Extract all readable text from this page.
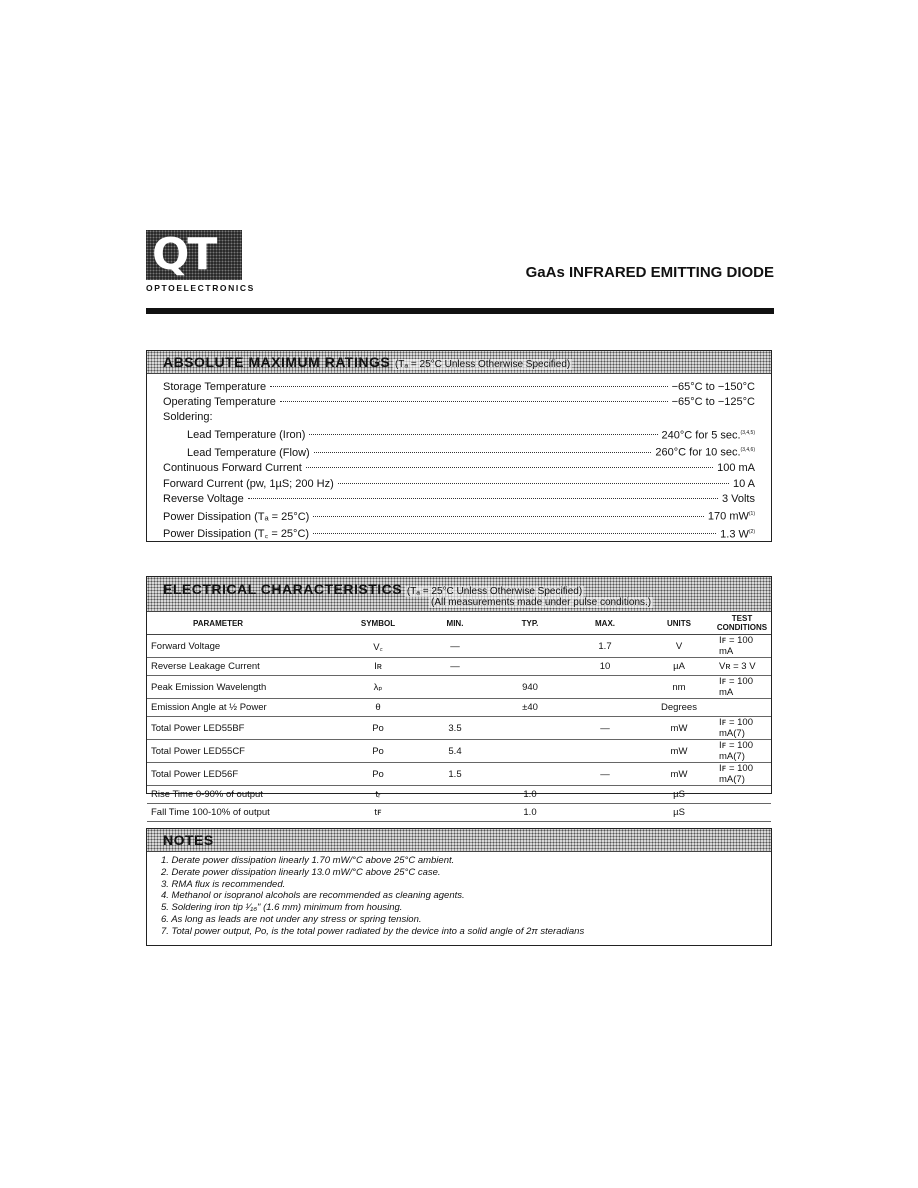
QT
OPTOELECTRONICS
GaAs INFRARED EMITTING DIODE
ABSOLUTE MAXIMUM RATINGS (Tₐ = 25°C Unless Otherwise Specified)
Storage Temperature	−65°C to −150°C
Operating Temperature	−65°C to −125°C
Soldering:
Lead Temperature (Iron)	240°C for 5 sec.$^{(3,4,5)}$
Lead Temperature (Flow)	260°C for 10 sec.$^{(3,4,6)}$
Continuous Forward Current	100 mA
Forward Current (pw, 1µS; 200 Hz)	10 A
Reverse Voltage	3 Volts
Power Dissipation (Tₐ = 25°C)	170 $mW^{(1)}$
Power Dissipation (T꜀ = 25°C)	1.3 $W^{(2)}$
ELECTRICAL CHARACTERISTICS (Tₐ = 25°C Unless Otherwise Specified)
(All measurements made under pulse conditions.)
PARAMETER	SYMBOL	MIN.	TYP.	MAX.	UNITS	TEST CONDITIONS
Forward Voltage	V꜀	—		1.7	V	Iꜰ = 100 mA
Reverse Leakage Current	Iʀ	—		10	µA	Vʀ = 3 V
Peak Emission Wavelength	λₚ		940		nm	Iꜰ = 100 mA
Emission Angle at ½ Power	θ		±40		Degrees	
Total Power LED55BF	Po	3.5		—	mW	Iꜰ = 100 mA(7)
Total Power LED55CF	Po	5.4			mW	Iꜰ = 100 mA(7)
Total Power LED56F	Po	1.5		—	mW	Iꜰ = 100 mA(7)
Rise Time 0-90% of output	tᵣ		1.0		µS	
Fall Time 100-10% of output	tꜰ		1.0		µS	
NOTES
1. Derate power dissipation linearly 1.70 mW/°C above 25°C ambient.
2. Derate power dissipation linearly 13.0 mW/°C above 25°C case.
3. RMA flux is recommended.
4. Methanol or isopranol alcohols are recommended as cleaning agents.
5. Soldering iron tip ¹⁄₁₆" (1.6 mm) minimum from housing.
6. As long as leads are not under any stress or spring tension.
7. Total power output, Po, is the total power radiated by the device into a solid angle of 2π steradians
